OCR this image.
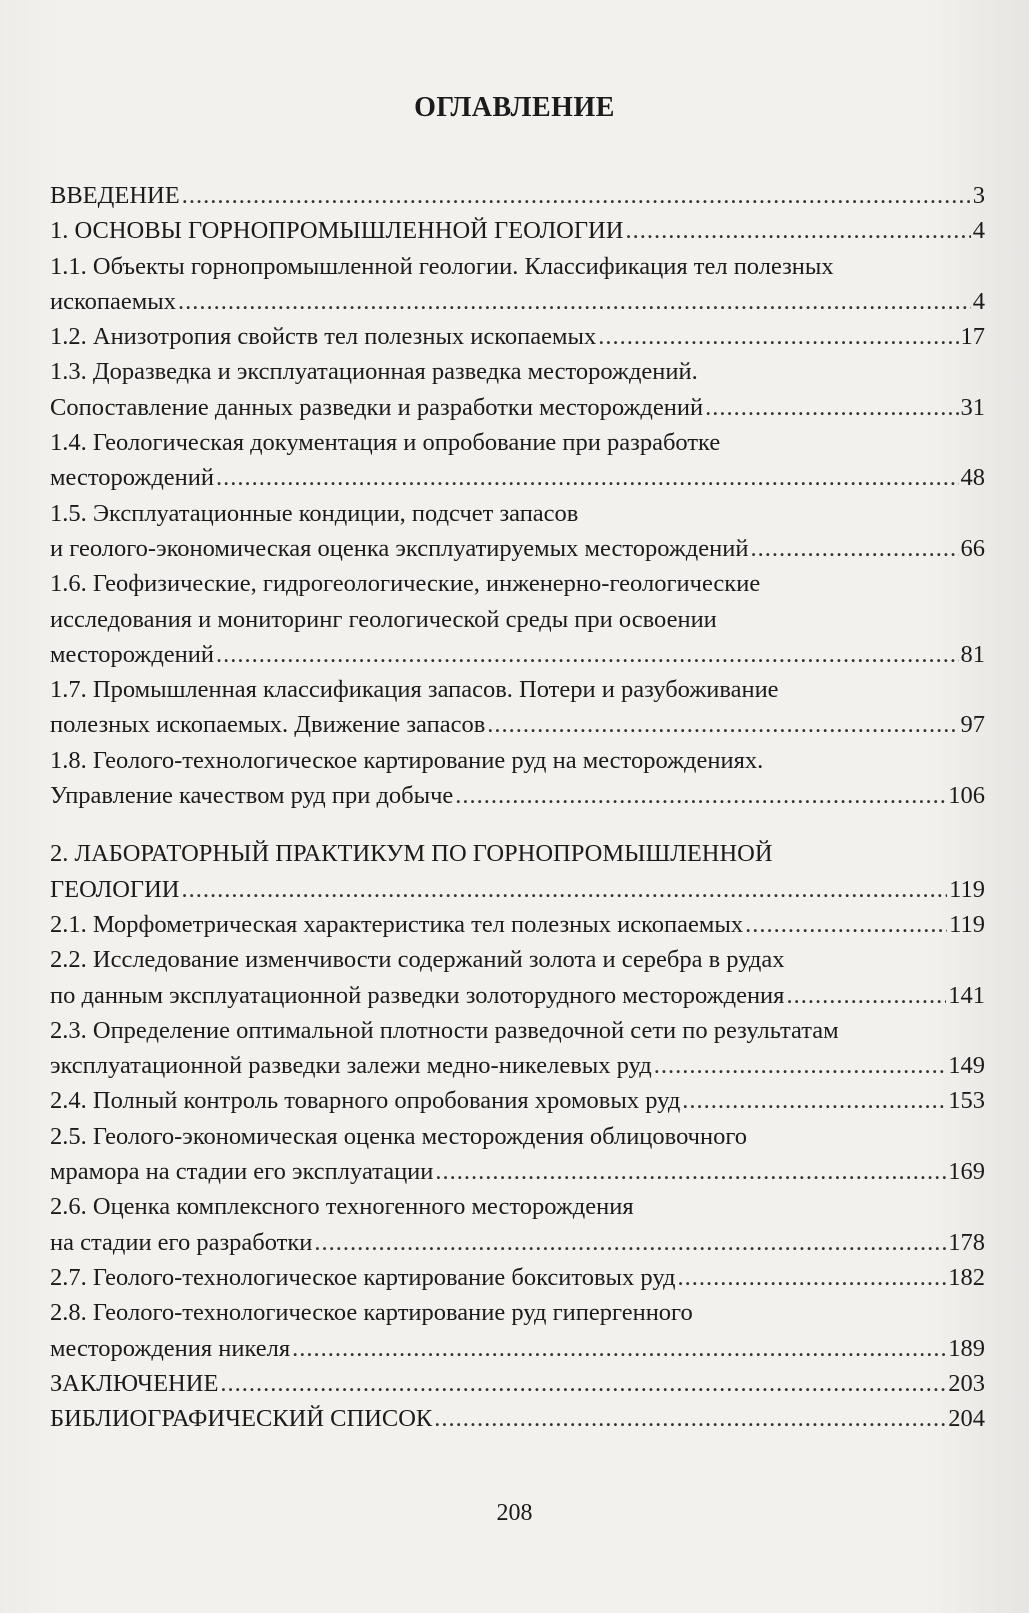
ОГЛАВЛЕНИЕ
ВВЕДЕНИЕ .....	3
1. ОСНОВЫ ГОРНОПРОМЫШЛЕННОЙ ГЕОЛОГИИ .....	4
1.1. Объекты горнопромышленной геологии. Классификация тел полезных
ископаемых .....	4
1.2. Анизотропия свойств тел полезных ископаемых .....	17
1.3. Доразведка и эксплуатационная разведка месторождений.
Сопоставление данных разведки и разработки месторождений .....	31
1.4. Геологическая документация и опробование при разработке
месторождений .....	48
1.5. Эксплуатационные кондиции, подсчет запасов
и геолого-экономическая оценка эксплуатируемых месторождений .....	66
1.6. Геофизические, гидрогеологические, инженерно-геологические
исследования и мониторинг геологической среды при освоении
месторождений .....	81
1.7. Промышленная классификация запасов. Потери и разубоживание
полезных ископаемых. Движение запасов .....	97
1.8. Геолого-технологическое картирование руд на месторождениях.
Управление качеством руд при добыче .....	106
2. ЛАБОРАТОРНЫЙ ПРАКТИКУМ ПО ГОРНОПРОМЫШЛЕННОЙ
ГЕОЛОГИИ .....	119
2.1. Морфометрическая характеристика тел полезных ископаемых .....	119
2.2. Исследование изменчивости содержаний золота и серебра в рудах
по данным эксплуатационной разведки золоторудного месторождения .....	141
2.3. Определение оптимальной плотности разведочной сети по результатам
эксплуатационной разведки залежи медно-никелевых руд .....	149
2.4. Полный контроль товарного опробования хромовых руд .....	153
2.5. Геолого-экономическая оценка месторождения облицовочного
мрамора на стадии его эксплуатации .....	169
2.6. Оценка комплексного техногенного месторождения
на стадии его разработки .....	178
2.7. Геолого-технологическое картирование бокситовых руд .....	182
2.8. Геолого-технологическое картирование руд гипергенного
месторождения никеля .....	189
ЗАКЛЮЧЕНИЕ .....	203
БИБЛИОГРАФИЧЕСКИЙ СПИСОК .....	204
208
